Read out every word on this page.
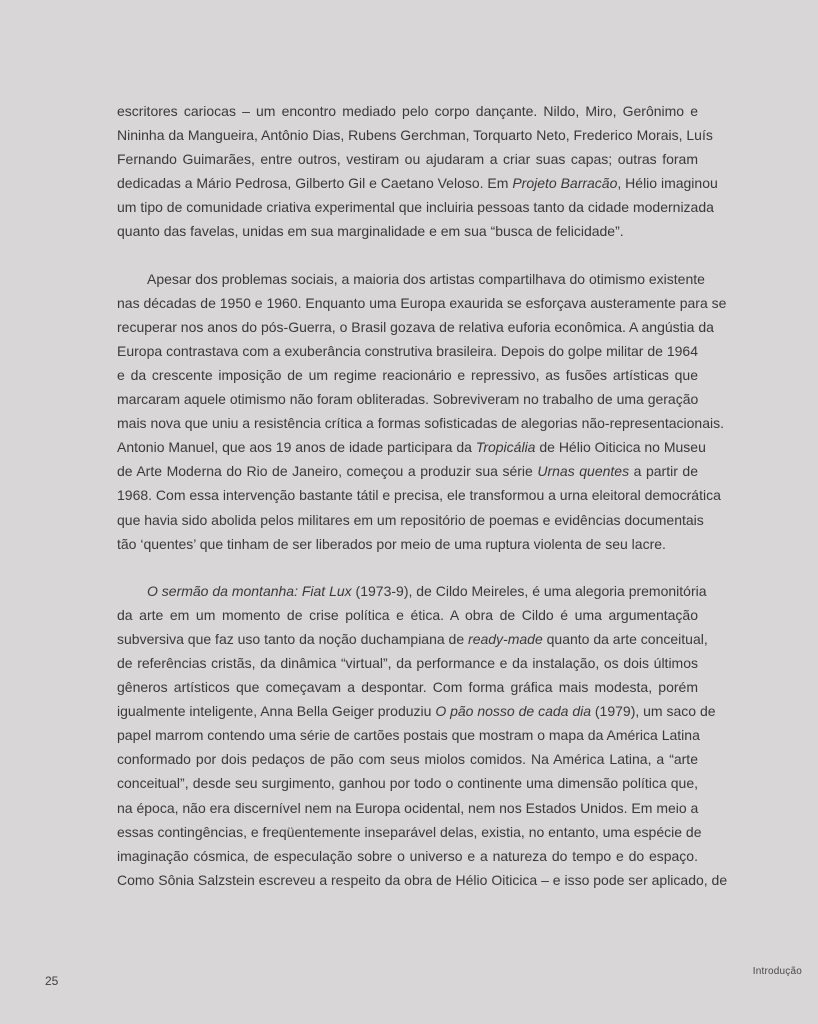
escritores cariocas – um encontro mediado pelo corpo dançante. Nildo, Miro, Gerônimo e
Nininha da Mangueira, Antônio Dias, Rubens Gerchman, Torquarto Neto, Frederico Morais, Luís
Fernando Guimarães, entre outros, vestiram ou ajudaram a criar suas capas; outras foram
dedicadas a Mário Pedrosa, Gilberto Gil e Caetano Veloso. Em Projeto Barracão, Hélio imaginou
um tipo de comunidade criativa experimental que incluiria pessoas tanto da cidade modernizada
quanto das favelas, unidas em sua marginalidade e em sua “busca de felicidade”.
Apesar dos problemas sociais, a maioria dos artistas compartilhava do otimismo existente
nas décadas de 1950 e 1960. Enquanto uma Europa exaurida se esforçava austeramente para se
recuperar nos anos do pós-Guerra, o Brasil gozava de relativa euforia econômica. A angústia da
Europa contrastava com a exuberância construtiva brasileira. Depois do golpe militar de 1964
e da crescente imposição de um regime reacionário e repressivo, as fusões artísticas que
marcaram aquele otimismo não foram obliteradas. Sobreviveram no trabalho de uma geração
mais nova que uniu a resistência crítica a formas sofisticadas de alegorias não-representacionais.
Antonio Manuel, que aos 19 anos de idade participara da Tropicália de Hélio Oiticica no Museu
de Arte Moderna do Rio de Janeiro, começou a produzir sua série Urnas quentes a partir de
1968. Com essa intervenção bastante tátil e precisa, ele transformou a urna eleitoral democrática
que havia sido abolida pelos militares em um repositório de poemas e evidências documentais
tão ‘quentes’ que tinham de ser liberados por meio de uma ruptura violenta de seu lacre.
O sermão da montanha: Fiat Lux (1973-9), de Cildo Meireles, é uma alegoria premonitória
da arte em um momento de crise política e ética. A obra de Cildo é uma argumentação
subversiva que faz uso tanto da noção duchampiana de ready-made quanto da arte conceitual,
de referências cristãs, da dinâmica “virtual”, da performance e da instalação, os dois últimos
gêneros artísticos que começavam a despontar. Com forma gráfica mais modesta, porém
igualmente inteligente, Anna Bella Geiger produziu O pão nosso de cada dia (1979), um saco de
papel marrom contendo uma série de cartões postais que mostram o mapa da América Latina
conformado por dois pedaços de pão com seus miolos comidos. Na América Latina, a “arte
conceitual”, desde seu surgimento, ganhou por todo o continente uma dimensão política que,
na época, não era discernível nem na Europa ocidental, nem nos Estados Unidos. Em meio a
essas contingências, e freqüentemente inseparável delas, existia, no entanto, uma espécie de
imaginação cósmica, de especulação sobre o universo e a natureza do tempo e do espaço.
Como Sônia Salzstein escreveu a respeito da obra de Hélio Oiticica – e isso pode ser aplicado, de
25
Introdução
